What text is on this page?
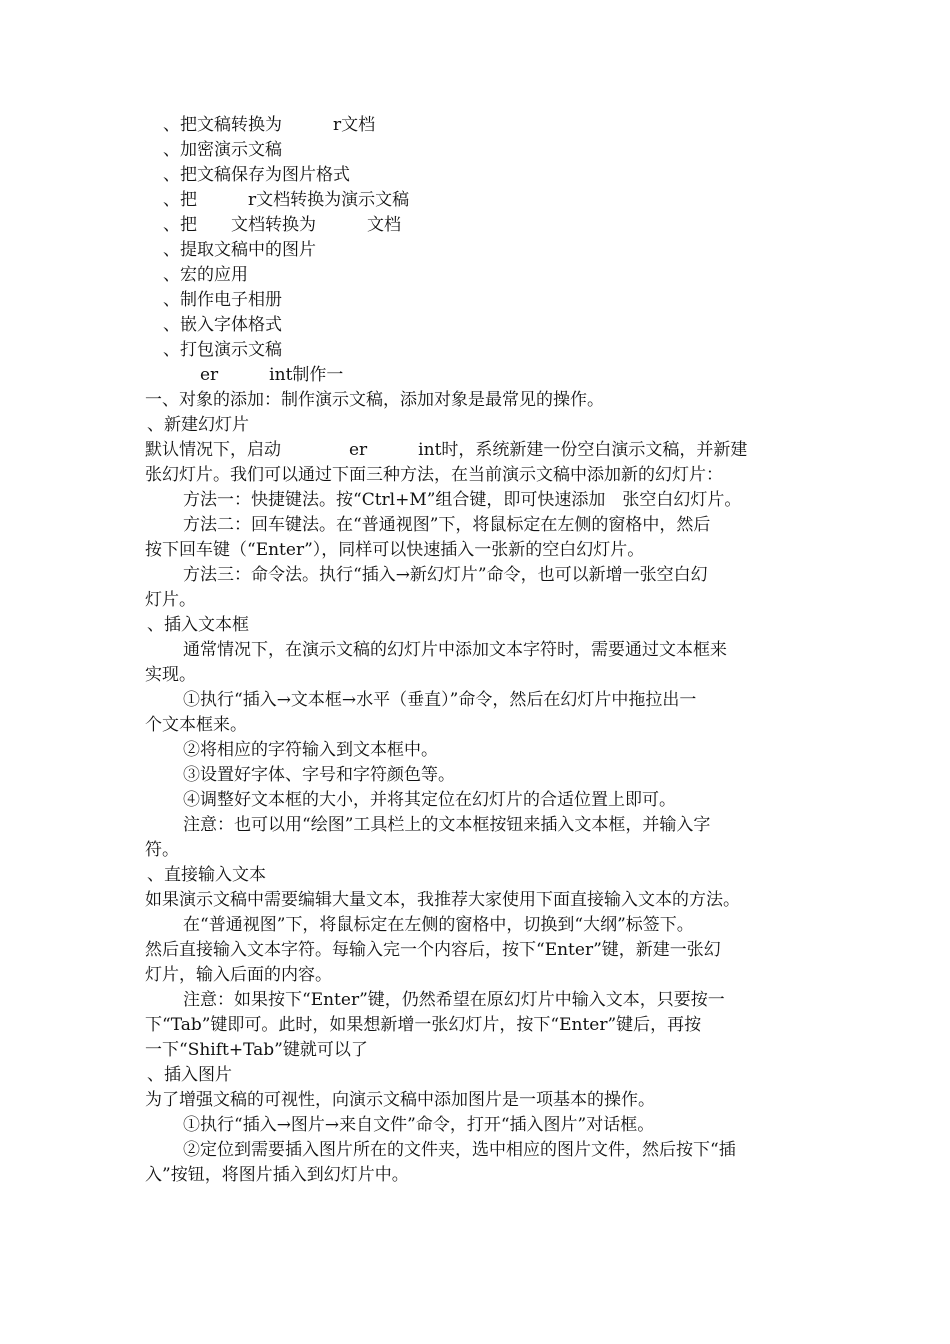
、把文稿转换为　　　r文档
、加密演示文稿
、把文稿保存为图片格式
、把　　　r文档转换为演示文稿
、把　　文档转换为　　　文档
、提取文稿中的图片
、宏的应用
、制作电子相册
、嵌入字体格式
、打包演示文稿
er　　　int制作一
一、对象的添加：制作演示文稿，添加对象是最常见的操作。
、新建幻灯片
默认情况下，启动　　　　er　　　int时，系统新建一份空白演示文稿，并新建
张幻灯片。我们可以通过下面三种方法，在当前演示文稿中添加新的幻灯片：
方法一：快捷键法。按“Ctrl+M”组合键，即可快速添加　张空白幻灯片。
方法二：回车键法。在“普通视图”下，将鼠标定在左侧的窗格中，然后
按下回车键（“Enter”），同样可以快速插入一张新的空白幻灯片。
方法三：命令法。执行“插入→新幻灯片”命令，也可以新增一张空白幻
灯片。
、插入文本框
通常情况下，在演示文稿的幻灯片中添加文本字符时，需要通过文本框来
实现。
①执行“插入→文本框→水平（垂直）”命令，然后在幻灯片中拖拉出一
个文本框来。
②将相应的字符输入到文本框中。
③设置好字体、字号和字符颜色等。
④调整好文本框的大小，并将其定位在幻灯片的合适位置上即可。
注意：也可以用“绘图”工具栏上的文本框按钮来插入文本框，并输入字
符。
、直接输入文本
如果演示文稿中需要编辑大量文本，我推荐大家使用下面直接输入文本的方法。
在“普通视图”下，将鼠标定在左侧的窗格中，切换到“大纲”标签下。
然后直接输入文本字符。每输入完一个内容后，按下“Enter”键，新建一张幻
灯片，输入后面的内容。
注意：如果按下“Enter”键，仍然希望在原幻灯片中输入文本，只要按一
下“Tab”键即可。此时，如果想新增一张幻灯片，按下“Enter”键后，再按
一下“Shift+Tab”键就可以了
、插入图片
为了增强文稿的可视性，向演示文稿中添加图片是一项基本的操作。
①执行“插入→图片→来自文件”命令，打开“插入图片”对话框。
②定位到需要插入图片所在的文件夹，选中相应的图片文件，然后按下“插
入”按钮，将图片插入到幻灯片中。
